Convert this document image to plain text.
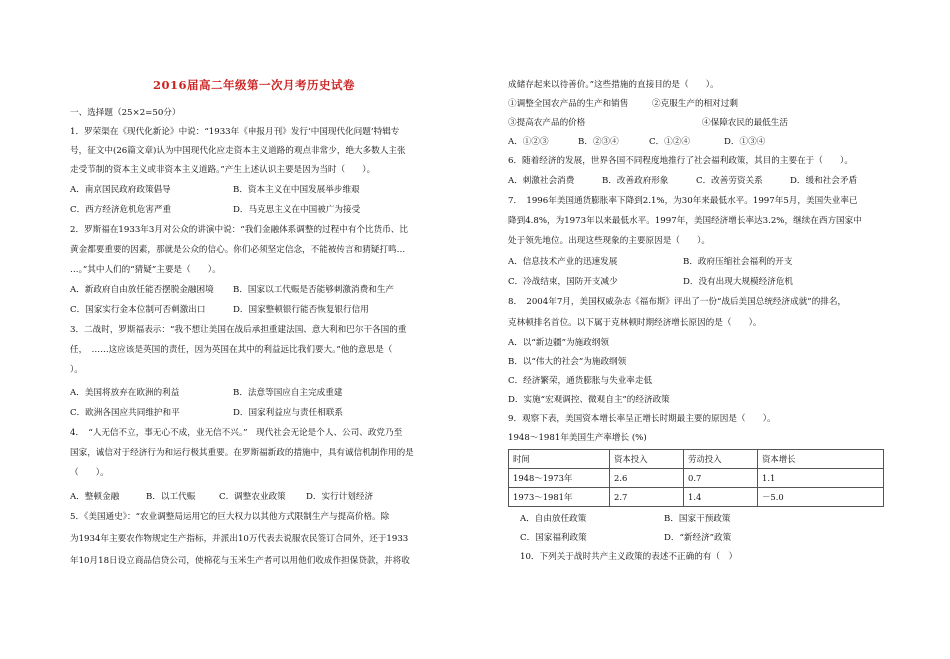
2016届高二年级第一次月考历史试卷
一、选择题（25×2=50分）
1．罗荣渠在《现代化新论》中说：“1933年《申报月刊》发行‘中国现代化问题’特辑专
号，征文中(26篇文章)认为中国现代化应走资本主义道路的观点非常少，绝大多数人主张
走受节制的资本主义或非资本主义道路。”产生上述认识主要是因为当时（　　）。
A．南京国民政府政策倡导	B．资本主义在中国发展举步维艰
C．西方经济危机危害严重	D．马克思主义在中国被广为接受
2．罗斯福在1933年3月对公众的讲演中说：“我们金融体系调整的过程中有个比货币、比
黄金都要重要的因素，那就是公众的信心。你们必须坚定信念，不能被传言和猜疑打鸣…
…。”其中人们的“猜疑”主要是（　　）。
A．新政府自由放任能否摆脱金融困境 B．国家以工代赈是否能够刺激消费和生产
C．国家实行金本位制可否刺激出口	D．国家整顿银行能否恢复银行信用
3．二战时，罗斯福表示：“我不想让美国在战后承担重建法国、意大利和巴尔干各国的重
任，　……这应该是英国的责任，因为英国在其中的利益远比我们要大。”他的意思是（
）。
A．美国将放弃在欧洲的利益	B．法意等国应自主完成重建
C．欧洲各国应共同维护和平	D．国家利益应与责任相联系
4．　“人无信不立，事无心不成，业无信不兴。”　现代社会无论是个人、公司、政党乃至
国家，诚信对于经济行为和运行极其重要。在罗斯福新政的措施中，具有诚信机制作用的是
（　　）。
A．整顿金融	B．以工代赈	C．调整农业政策 D．实行计划经济
5．《美国通史》：“农业调整局运用它的巨大权力以其他方式限制生产与提高价格。除
为1934年主要农作物规定生产指标，并派出10万代表去说服农民签订合同外，还于1933
年10月18日设立商品信贷公司，使棉花与玉米生产者可以用他们收成作担保贷款，并将收
成储存起来以待善价。”这些措施的直接目的是（　　）。
①调整全国农产品的生产和销售	②克服生产的相对过剩
③提高农产品的价格	④保障农民的最低生活
A．①②③	B．②③④	C．①②④	D．①③④
6．随着经济的发展，世界各国不同程度地推行了社会福利政策，其目的主要在于（　　）。
A．刺激社会消费	B．改善政府形象	C．改善劳资关系	D．缓和社会矛盾
7．　1996年美国通货膨胀率下降到2.1%，为30年来最低水平。1997年5月，美国失业率已
降到4.8%，为1973年以来最低水平。1997年，美国经济增长率达3.2%，继续在西方国家中
处于领先地位。出现这些现象的主要原因是（　　）。
A．信息技术产业的迅速发展	B．政府压缩社会福利的开支
C．冷战结束，国防开支减少	D．没有出现大规模经济危机
8．　2004年7月，美国权威杂志《福布斯》评出了一份“战后美国总统经济成就”的排名，
克林顿排名首位。以下属于克林顿时期经济增长原因的是（　　）。
A．以“新边疆”为施政纲领
B．以“伟大的社会”为施政纲领
C．经济繁荣，通货膨胀与失业率走低
D．实施“宏观调控、微观自主”的经济政策
9．观察下表，美国资本增长率呈正增长时期最主要的原因是（　　）。
1948～1981年美国生产率增长 (%)
时间	资本投入	劳动投入	资本增长
1948～1973年	2.6	0.7	1.1
1973～1981年	2.7	1.4	－5.0
A．自由放任政策	B．国家干预政策
C．国家福利政策	D．“新经济”政策
10．下列关于战时共产主义政策的表述不正确的有（　）
